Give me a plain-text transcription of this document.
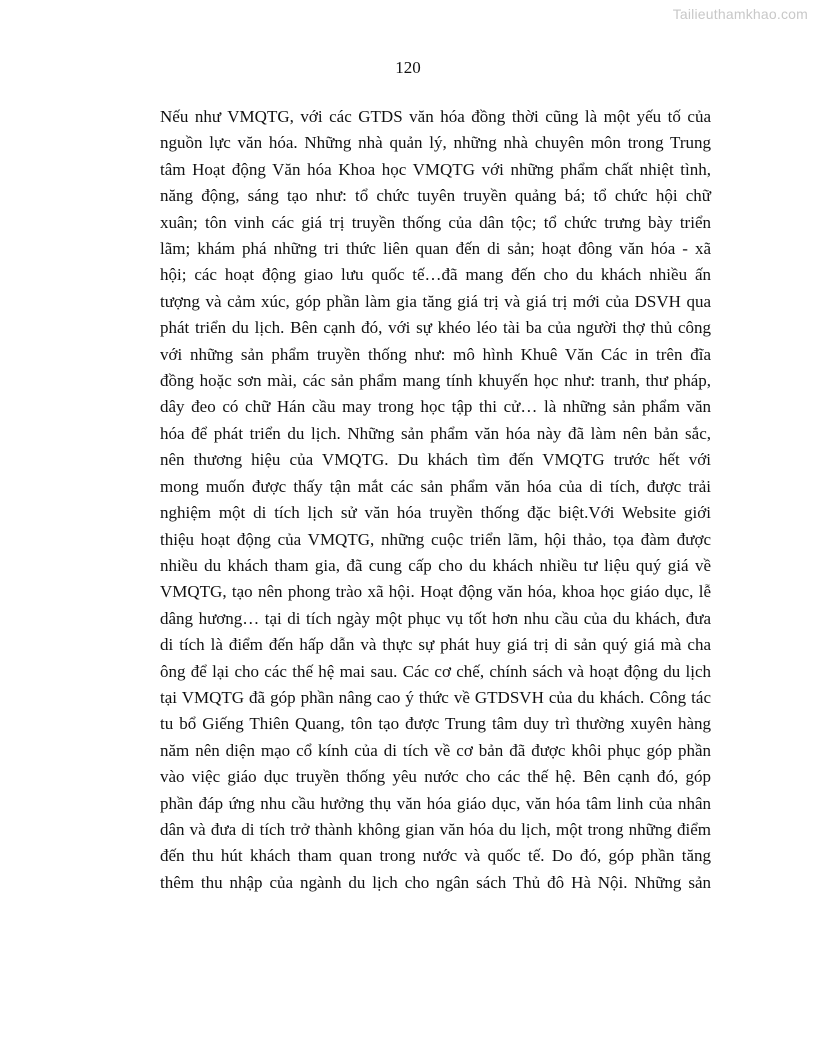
Tailieuthamkhao.com
120
Nếu như VMQTG, với các GTDS văn hóa đồng thời cũng là một yếu tố của
nguồn lực văn hóa. Những nhà quản lý, những nhà chuyên môn trong Trung
tâm Hoạt động Văn hóa Khoa học VMQTG với những phẩm chất nhiệt tình,
năng động, sáng tạo như: tổ chức tuyên truyền quảng bá; tổ chức hội chữ
xuân; tôn vinh các giá trị truyền thống của dân tộc; tổ chức trưng bày triển
lãm; khám phá những tri thức liên quan đến di sản; hoạt đông văn hóa - xã
hội; các hoạt động giao lưu quốc tế…đã mang đến cho du khách nhiều ấn
tượng và cảm xúc, góp phần làm gia tăng giá trị và giá trị mới của DSVH qua
phát triển du lịch. Bên cạnh đó, với sự khéo léo tài ba của người thợ thủ công
với những sản phẩm truyền thống như: mô hình Khuê Văn Các in trên đĩa
đồng hoặc sơn mài, các sản phẩm mang tính khuyến học như: tranh, thư pháp,
dây đeo có chữ Hán cầu may trong học tập thi cử… là những sản phẩm văn
hóa để phát triển du lịch. Những sản phẩm văn hóa này đã làm nên bản sắc,
nên thương hiệu của VMQTG. Du khách tìm đến VMQTG trước hết với
mong muốn được thấy tận mắt các sản phẩm văn hóa của di tích, được trải
nghiệm một di tích lịch sử văn hóa truyền thống đặc biệt.Với Website giới
thiệu hoạt động của VMQTG, những cuộc triển lãm, hội thảo, tọa đàm được
nhiều du khách tham gia, đã cung cấp cho du khách nhiều tư liệu quý giá về
VMQTG, tạo nên phong trào xã hội. Hoạt động văn hóa, khoa học giáo dục, lễ
dâng hương… tại di tích ngày một phục vụ tốt hơn nhu cầu của du khách, đưa
di tích là điểm đến hấp dẫn và thực sự phát huy giá trị di sản quý giá mà cha
ông để lại cho các thế hệ mai sau. Các cơ chế, chính sách và hoạt động du lịch
tại VMQTG đã góp phần nâng cao ý thức về GTDSVH của du khách. Công tác
tu bổ Giếng Thiên Quang, tôn tạo được Trung tâm duy trì thường xuyên hàng
năm nên diện mạo cổ kính của di tích về cơ bản đã được khôi phục góp phần
vào việc giáo dục truyền thống yêu nước cho các thế hệ. Bên cạnh đó, góp
phần đáp ứng nhu cầu hưởng thụ văn hóa giáo dục, văn hóa tâm linh của nhân
dân và đưa di tích trở thành không gian văn hóa du lịch, một trong những điểm
đến thu hút khách tham quan trong nước và quốc tế. Do đó, góp phần tăng
thêm thu nhập của ngành du lịch cho ngân sách Thủ đô Hà Nội. Những sản
